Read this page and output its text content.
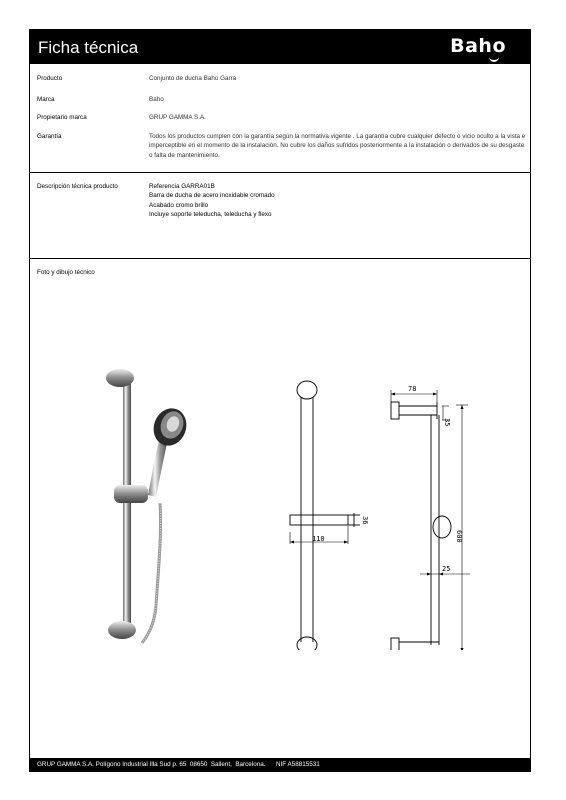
Ficha técnica	Baho
Producto	Conjunto de ducha Baho Garra
Marca	Baho
Propietario marca	GRUP GAMMA S.A.
Garantía	Todos los productos cumplen con la garantía según la normativa vigente . La garantía cubre cualquier defecto o vicio oculto a la vista e imperceptible en el momento de la instalación. No cubre los daños sufridos posteriormente a la instalación o derivados de su desgaste o falta de mantenimiento.
Descripción técnica producto	Referencia GARRA01B
Barra de ducha de acero inoxidable cromado
Acabado cromo brillo
Incluye soporte teleducha, teleducha y flexo
Foto y dibujo técnico
78
35
36
110
25
600
GRUP GAMMA S.A. Polígono Industrial Illa Sud p. 65  08650  Sallent,  Barcelona.      NIF A58815531
